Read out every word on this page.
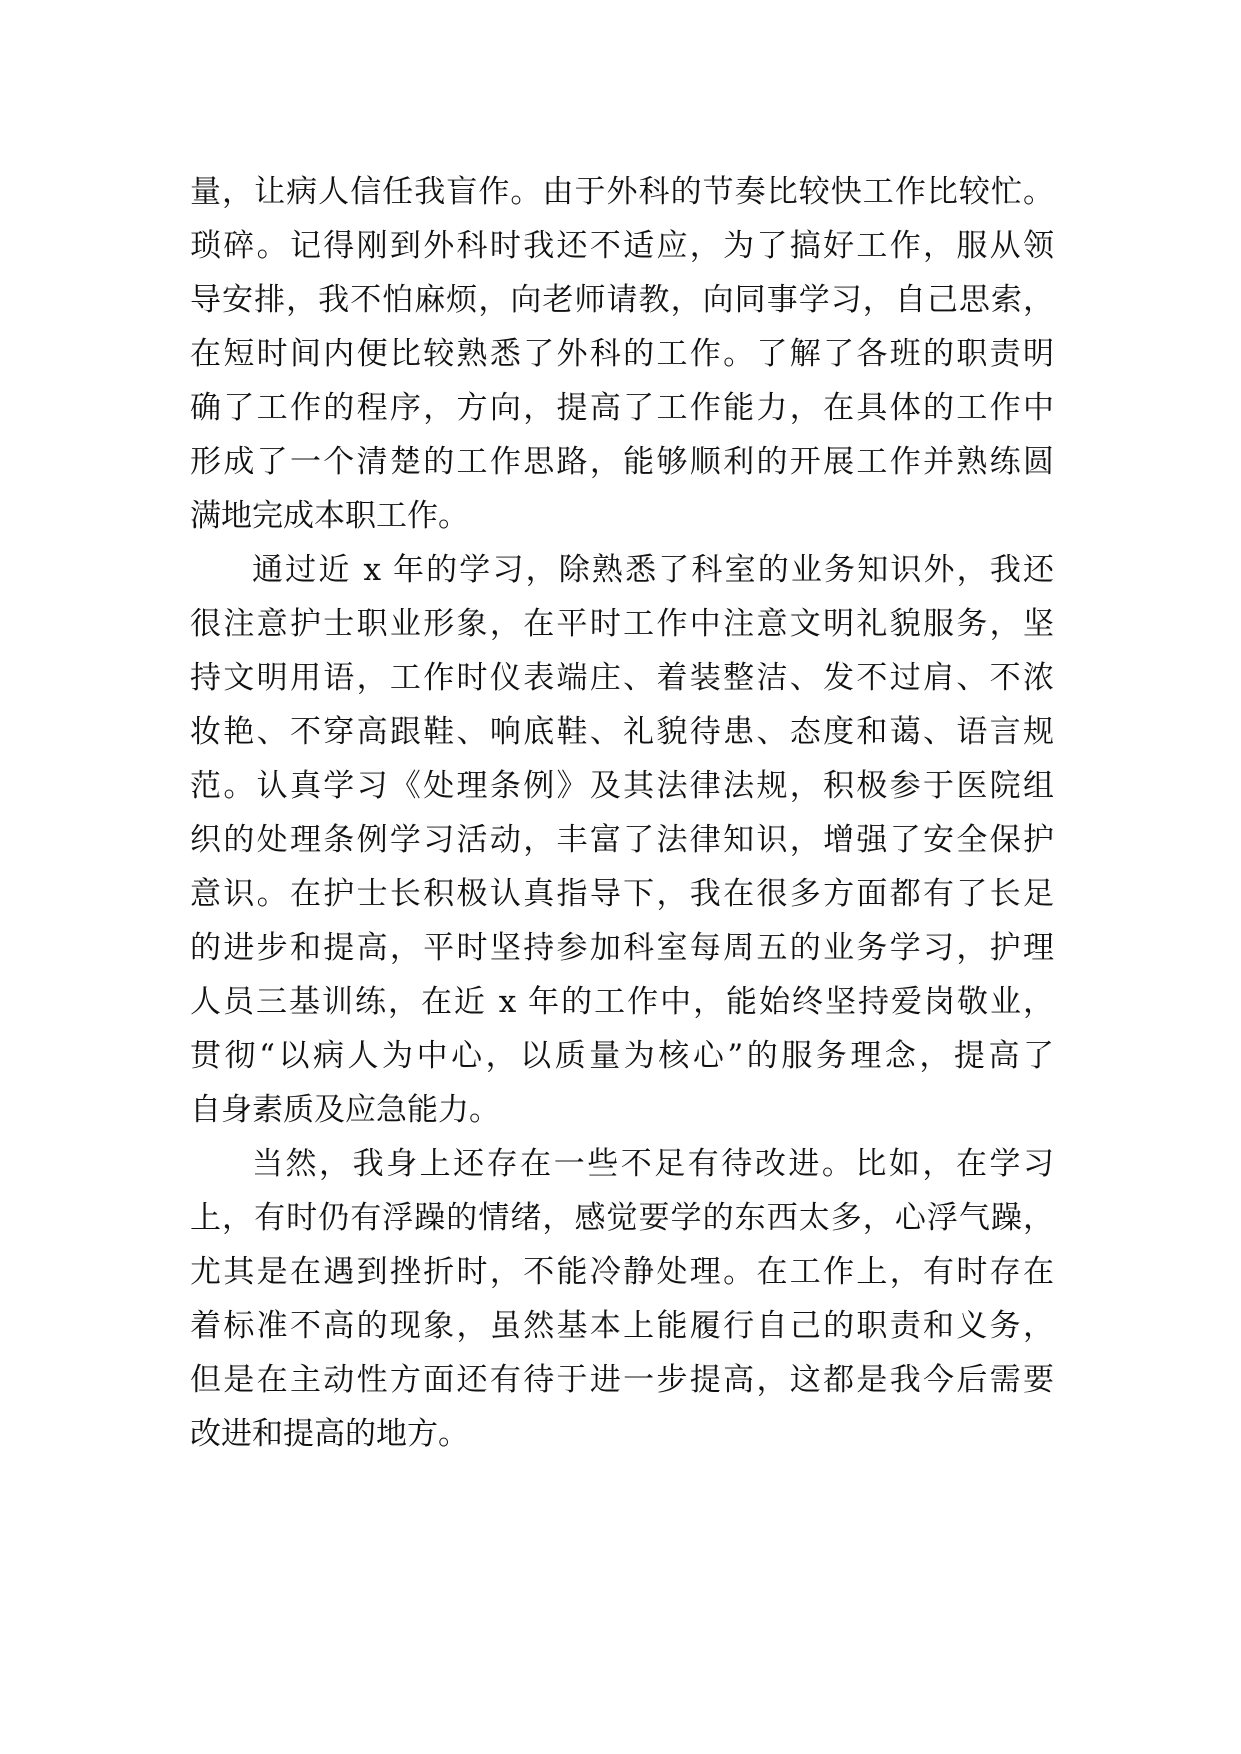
量，让病人信任我盲作。由于外科的节奏比较快工作比较忙。
琐碎。记得刚到外科时我还不适应，为了搞好工作，服从领
导安排，我不怕麻烦，向老师请教，向同事学习，自己思索，
在短时间内便比较熟悉了外科的工作。了解了各班的职责明
确了工作的程序，方向，提高了工作能力，在具体的工作中
形成了一个清楚的工作思路，能够顺利的开展工作并熟练圆
满地完成本职工作。
通过近 x 年的学习，除熟悉了科室的业务知识外，我还
很注意护士职业形象，在平时工作中注意文明礼貌服务，坚
持文明用语，工作时仪表端庄、着装整洁、发不过肩、不浓
妆艳、不穿高跟鞋、响底鞋、礼貌待患、态度和蔼、语言规
范。认真学习《处理条例》及其法律法规，积极参于医院组
织的处理条例学习活动，丰富了法律知识，增强了安全保护
意识。在护士长积极认真指导下，我在很多方面都有了长足
的进步和提高，平时坚持参加科室每周五的业务学习，护理
人员三基训练，在近 x 年的工作中，能始终坚持爱岗敬业，
贯彻“以病人为中心，以质量为核心”的服务理念，提高了
自身素质及应急能力。
当然，我身上还存在一些不足有待改进。比如，在学习
上，有时仍有浮躁的情绪，感觉要学的东西太多，心浮气躁，
尤其是在遇到挫折时，不能冷静处理。在工作上，有时存在
着标准不高的现象，虽然基本上能履行自己的职责和义务，
但是在主动性方面还有待于进一步提高，这都是我今后需要
改进和提高的地方。
